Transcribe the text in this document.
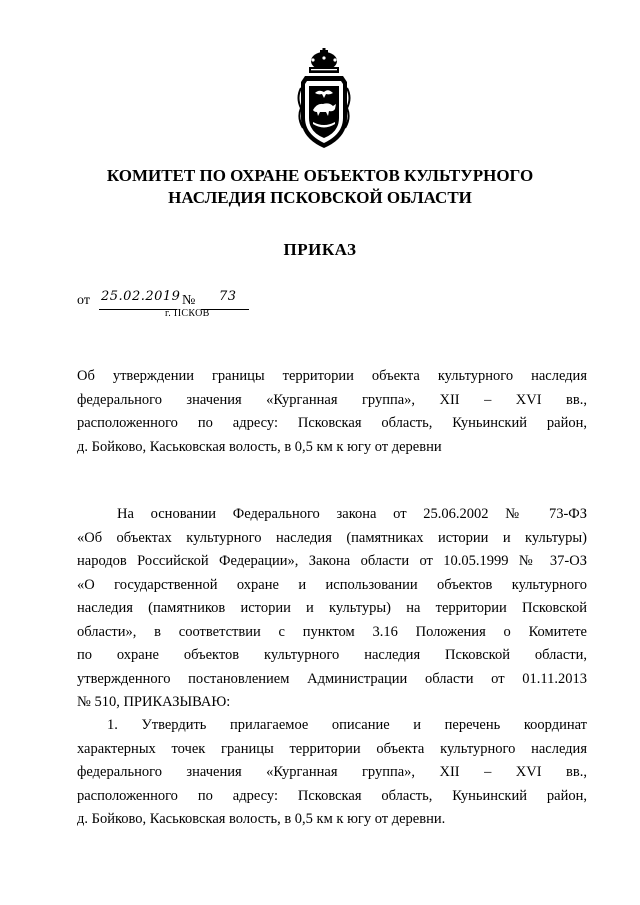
КОМИТЕТ ПО ОХРАНЕ ОБЪЕКТОВ КУЛЬТУРНОГО
НАСЛЕДИЯ ПСКОВСКОЙ ОБЛАСТИ
ПРИКАЗ
от 25.02.2019 № 73
г. ПСКОВ
Об утверждении границы территории объекта культурного наследия
федерального значения «Курганная группа», XII – XVI вв.,
расположенного по адресу: Псковская область, Куньинский район,
д. Бойково, Каськовская волость, в 0,5 км к югу от деревни
На основании Федерального закона от 25.06.2002 № 73-ФЗ
«Об объектах культурного наследия (памятниках истории и культуры)
народов Российской Федерации», Закона области от 10.05.1999 № 37-ОЗ
«О государственной охране и использовании объектов культурного
наследия (памятников истории и культуры) на территории Псковской
области», в соответствии с пунктом 3.16 Положения о Комитете
по охране объектов культурного наследия Псковской области,
утвержденного постановлением Администрации области от 01.11.2013
№ 510, ПРИКАЗЫВАЮ:
1. Утвердить прилагаемое описание и перечень координат
характерных точек границы территории объекта культурного наследия
федерального значения «Курганная группа», XII – XVI вв.,
расположенного по адресу: Псковская область, Куньинский район,
д. Бойково, Каськовская волость, в 0,5 км к югу от деревни.
